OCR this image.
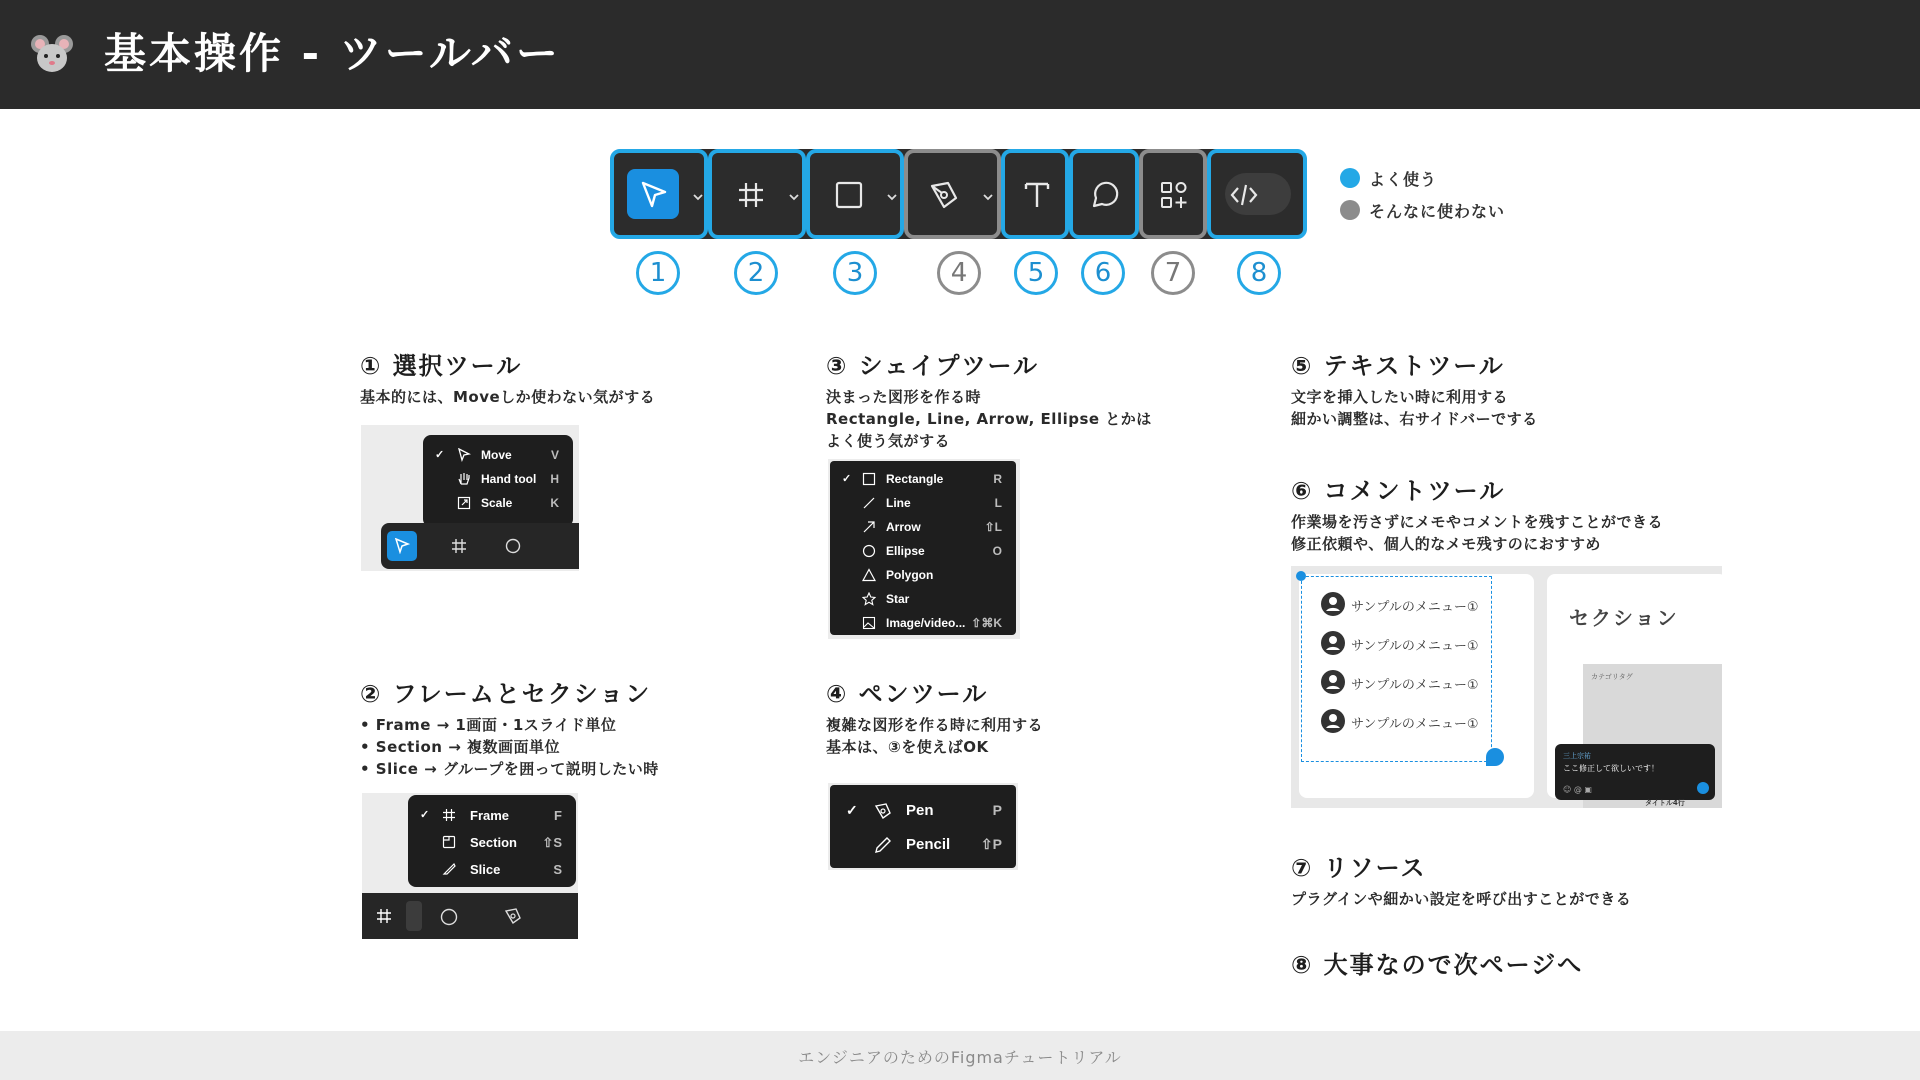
基本操作 - ツールバー
1	2	3	4	5	6	7	8
よく使う
そんなに使わない
① 選択ツール
基本的には、Moveしか使わない気がする
✓	Move	V
Hand tool H
Scale	K
② フレームとセクション
• Frame → 1画面・1スライド単位
• Section → 複数画面単位
• Slice → グループを囲って説明したい時
✓	Frame	F
Section ⇧S
Slice	S
③ シェイプツール
決まった図形を作る時
Rectangle, Line, Arrow, Ellipse とかは
よく使う気がする
✓	Rectangle	R
Line	L
Arrow	⇧L
Ellipse	O
Polygon
Star
Image/video... ⇧⌘K
④ ペンツール
複雑な図形を作る時に利用する
基本は、③を使えばOK
✓	Pen	P
Pencil ⇧P
⑤ テキストツール
文字を挿入したい時に利用する
細かい調整は、右サイドバーでする
⑥ コメントツール
作業場を汚さずにメモやコメントを残すことができる
修正依頼や、個人的なメモ残すのにおすすめ
サンプルのメニュー①
サンプルのメニュー①
サンプルのメニュー①
サンプルのメニュー①
セクション
カテゴリタグ
三上宗祐
ここ修正して欲しいです！
☺ @ ▣
タイトル4行
⑦ リソース
プラグインや細かい設定を呼び出すことができる
⑧ 大事なので次ページへ
エンジニアのためのFigmaチュートリアル
